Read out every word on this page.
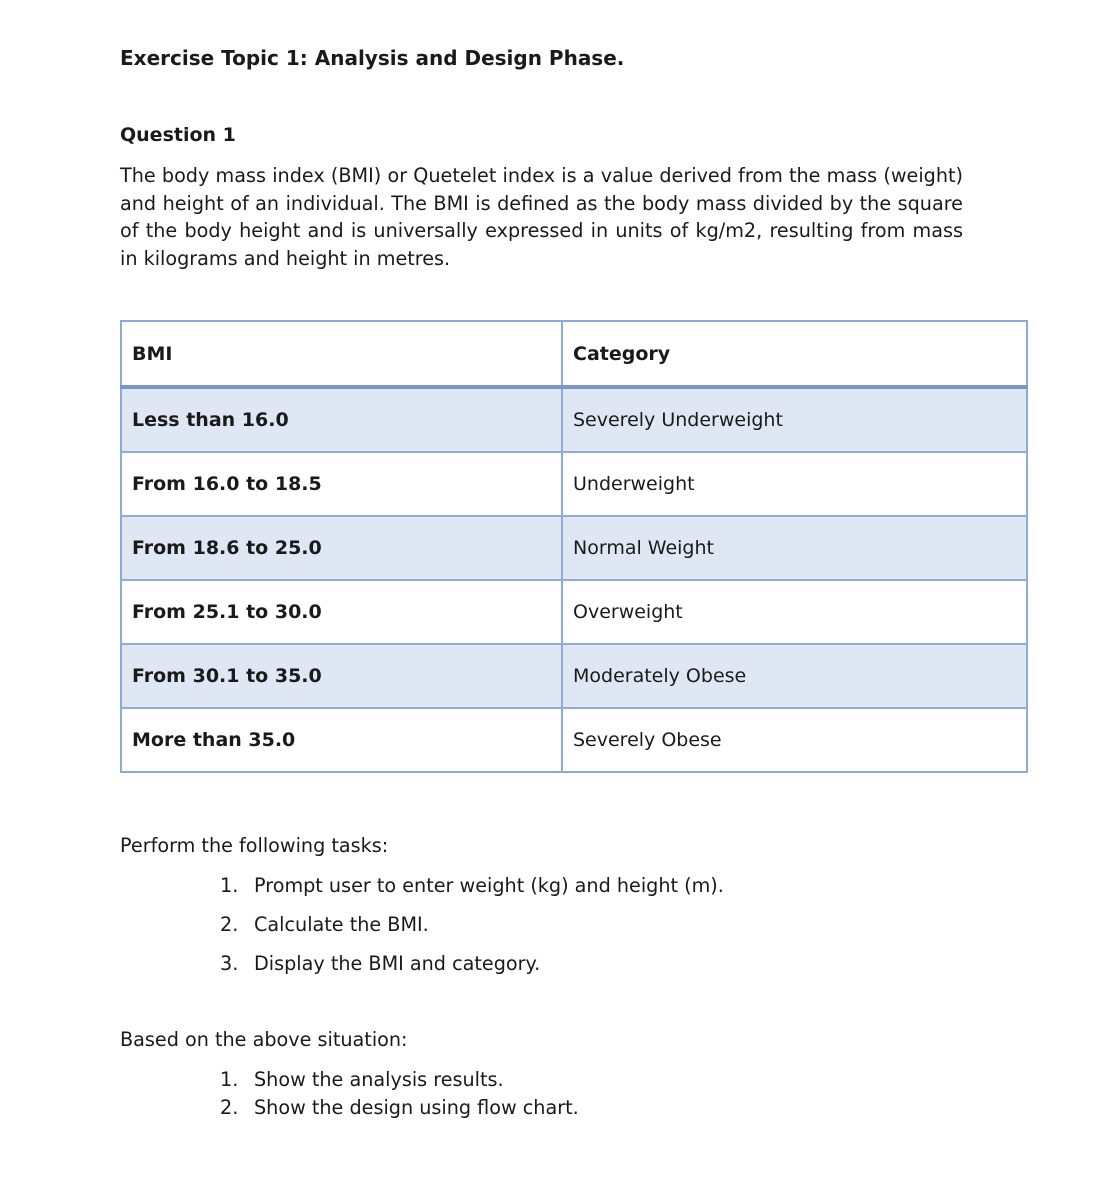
Exercise Topic 1: Analysis and Design Phase.
Question 1

The body mass index (BMI) or Quetelet index is a value derived from the mass (weight) and height of an individual. The BMI is defined as the body mass divided by the square of the body height and is universally expressed in units of kg/m2, resulting from mass in kilograms and height in metres.

BMI	Category
Less than 16.0	Severely Underweight
From 16.0 to 18.5	Underweight
From 18.6 to 25.0	Normal Weight
From 25.1 to 30.0	Overweight
From 30.1 to 35.0	Moderately Obese
More than 35.0	Severely Obese
Perform the following tasks:
1. Prompt user to enter weight (kg) and height (m).
2. Calculate the BMI.
3. Display the BMI and category.
Based on the above situation:
1. Show the analysis results.
2. Show the design using flow chart.
